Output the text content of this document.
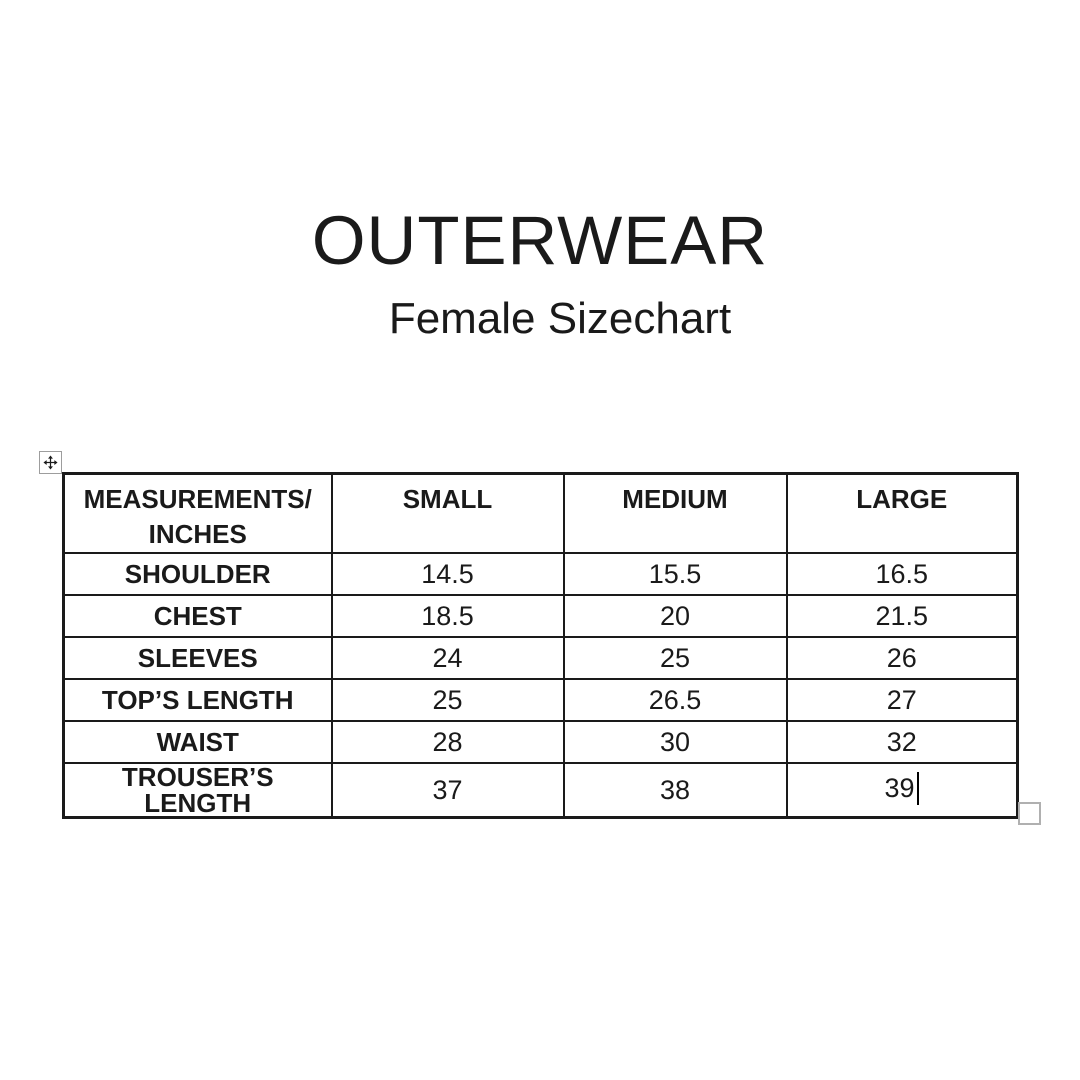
OUTERWEAR
Female Sizechart
MEASUREMENTS/
INCHES	SMALL	MEDIUM	LARGE
SHOULDER	14.5	15.5	16.5
CHEST	18.5	20	21.5
SLEEVES	24	25	26
TOP’S LENGTH	25	26.5	27
WAIST	28	30	32
TROUSER’S LENGTH	37	38	39
